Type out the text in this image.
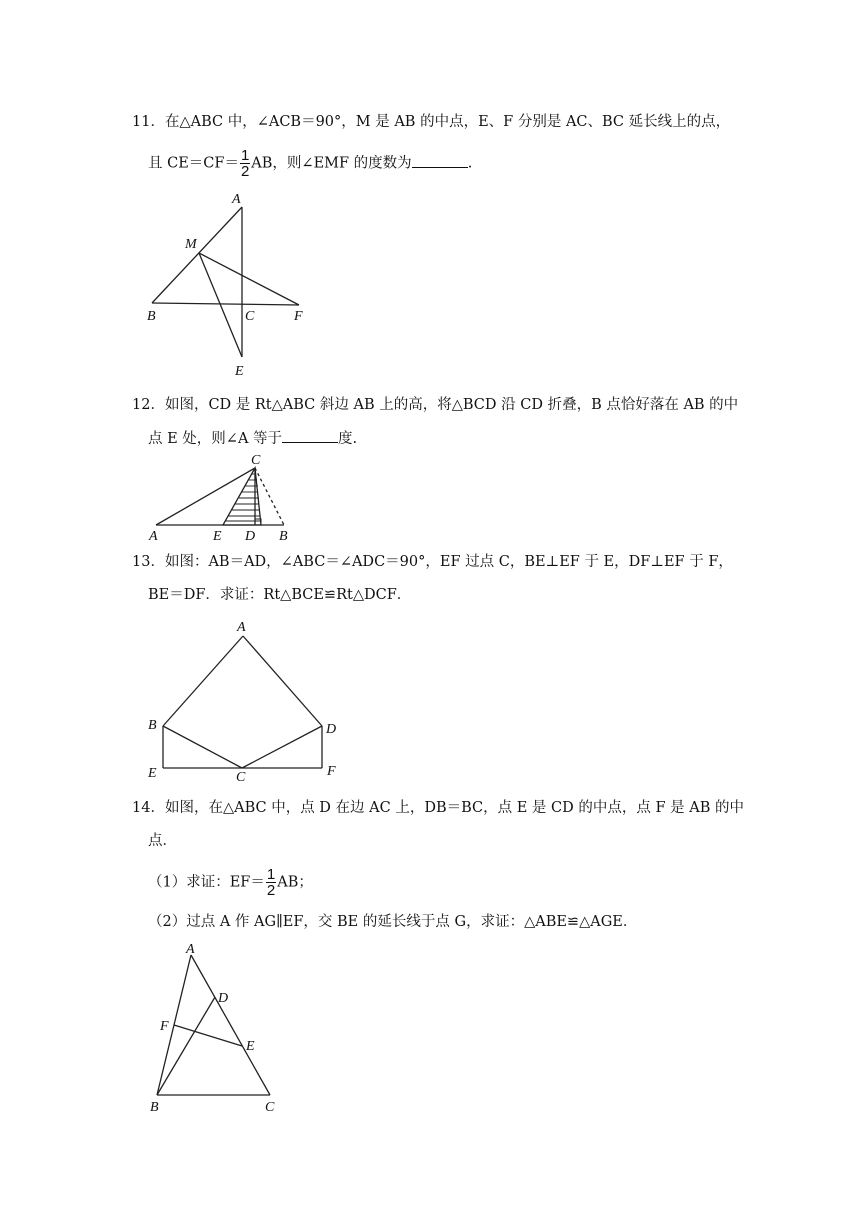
11．在△ABC 中，∠ACB＝90°，M 是 AB 的中点，E、F 分别是 AC、BC 延长线上的点，
且 $CE=CF= \frac{1}{2}$ AB，则∠EMF 的度数为	.
A
M
B	C	F
E
12．如图，CD 是 Rt△ABC 斜边 AB 上的高，将△BCD 沿 CD 折叠，B 点恰好落在 AB 的中
点 E 处，则∠A 等于	度.
C
A	E D B
13．如图：AB＝AD，∠ABC＝∠ADC＝90°，EF 过点 C，BE⊥EF 于 E，DF⊥EF 于 F，
BE＝DF．求证：Rt△BCE≌Rt△DCF．
A
B	D
E	C	F
14．如图，在△ABC 中，点 D 在边 AC 上，DB＝BC，点 E 是 CD 的中点，点 F 是 AB 的中
点．
（1）求证：$EF= \frac{1}{2}$ AB；
（2）过点 A 作 AG∥EF，交 BE 的延长线于点 G，求证：△ABE≌△AGE．
A
D
F
E
B	C
